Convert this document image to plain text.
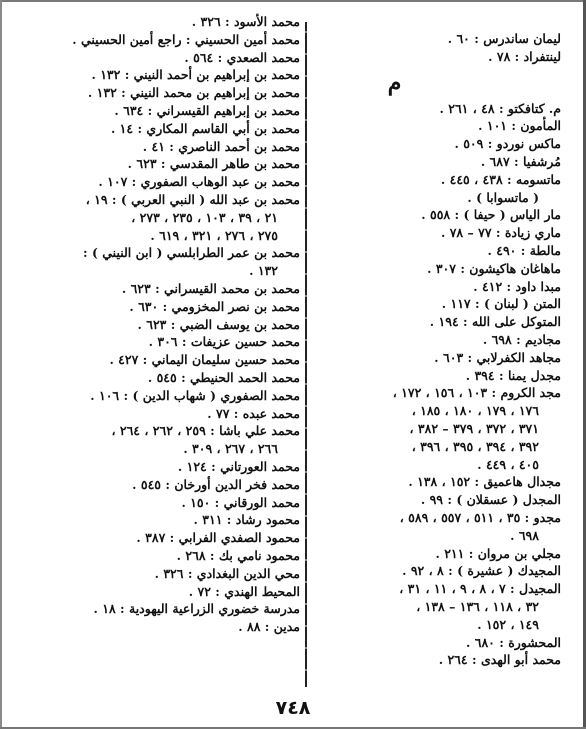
ليمان ساندرس : ٦٠ .
لينتفراد : ٧٨ .
م
م. كتافكتو : ٤٨ ، ٢٦١ .
المأمون : ١٠١ .
ماكس نوردو : ٥٠٩ .
مُرشفيا : ٦٨٧ .
ماتسومه : ٤٣٨ ، ٤٤٥ .
( ماتسوابا ) .
مار الياس ( حيفا ) : ٥٥٨ .
ماري زيادة : ٧٧ – ٧٨ .
مالطة : ٤٩٠ .
ماهاغان هاكيشون : ٣٠٧ .
مبدا داود : ٤١٢ .
المتن ( لبنان ) : ١١٧ .
المتوكل على الله : ١٩٤ .
مجاديم : ٦٩٨ .
مجاهد الكفرلابي : ٦٠٣ .
مجدل يمنا : ٣٩٤ .
مجد الكروم : ١٠٣ ، ١٥٦ ، ١٧٢ ،
١٧٦ ، ١٧٩ ، ١٨٠ ، ١٨٥ ،
٣٧١ ، ٣٧٢ ، ٣٧٩ – ٣٨٢ ،
٣٩٢ ، ٣٩٤ ، ٣٩٥ ، ٣٩٦ ،
٤٠٥ ، ٤٤٩ .
مجدال هاعميق : ١٥٢ ، ١٣٨ .
المجدل ( عسقلان ) : ٩٩ .
مجدو : ٣٥ ، ٥١١ ، ٥٥٧ ، ٥٨٩ ،
٦٩٨ .
مجلي بن مروان : ٢١١ .
المجيدك ( عشيرة ) : ٨ ، ٩٢ .
المجيدل : ٧ ، ٨ ، ٩ ، ١١ ، ٣١ ،
٣٢ ، ١١٨ ، ١٣٦ – ١٣٨ ،
١٤٩ ، ١٥٢ .
المحشورة : ٦٨٠ .
محمد أبو الهدى : ٢٦٤ .
محمد الأسود : ٣٢٦ .
محمد أمين الحسيني : راجع أمين الحسيني .
محمد الصعدي : ٥٦٤ .
محمد بن إبراهيم بن أحمد النيني : ١٣٢ .
محمد بن إبراهيم بن محمد النيني : ١٣٢ .
محمد بن إبراهيم القيسراني : ٦٣٤ .
محمد بن أبي القاسم المكاري : ١٤ .
محمد بن أحمد الناصري : ٤١ .
محمد بن طاهر المقدسي : ٦٢٣ .
محمد بن عبد الوهاب الصفوري : ١٠٧ .
محمد بن عبد الله ( النبي العربي ) : ١٩ ،
٢١ ، ٣٩ ، ١٠٣ ، ٢٣٥ ، ٢٧٣ ،
٢٧٥ ، ٢٧٦ ، ٣٢١ ، ٦١٩ .
محمد بن عمر الطرابلسي ( ابن النيني ) :
١٣٢ .
محمد بن محمد القيسراني : ٦٢٣ .
محمد بن نصر المخزومي : ٦٣٠ .
محمد بن يوسف الضبي : ٦٢٣ .
محمد حسين عزيفات : ٣٠٦ .
محمد حسين سليمان اليماني : ٤٢٧ .
محمد الحمد الحنيطي : ٥٤٥ .
محمد الصفوري ( شهاب الدين ) : ١٠٦ .
محمد عبده : ٧٧ .
محمد علي باشا : ٢٥٩ ، ٢٦٢ ، ٢٦٤ ،
٢٦٦ ، ٢٦٧ ، ٣٠٩ .
محمد العورتاني : ١٢٤ .
محمد فخر الدين أورخان : ٥٤٥ .
محمد الورقاني : ١٥٠ .
محمود رشاد : ٣١١ .
محمود الصفدي الفرابي : ٣٨٧ .
محمود نامي بك : ٢٦٨ .
محي الدين البغدادي : ٣٢٦ .
المحيط الهندي : ٧٢ .
مدرسة خضوري الزراعية اليهودية : ١٨ .
مدين : ٨٨ .
٧٤٨
